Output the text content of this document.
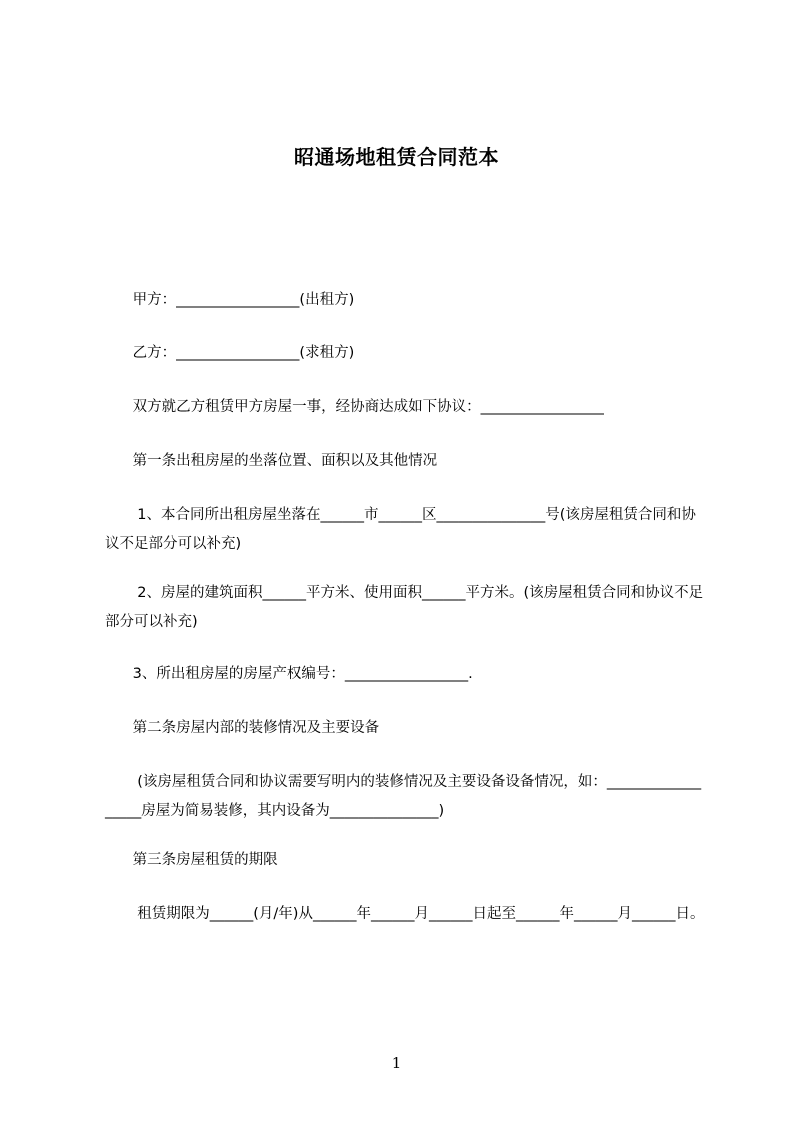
昭通场地租赁合同范本

甲方：_________________(出租方)

乙方：_________________(求租方)

双方就乙方租赁甲方房屋一事，经协商达成如下协议：_________________

第一条出租房屋的坐落位置、面积以及其他情况

1、本合同所出租房屋坐落在______市______区_______________号(该房屋租赁合同和协议不足部分可以补充)

2、房屋的建筑面积______平方米、使用面积______平方米。(该房屋租赁合同和协议不足部分可以补充)

3、所出租房屋的房屋产权编号：_________________.

第二条房屋内部的装修情况及主要设备

(该房屋租赁合同和协议需要写明内的装修情况及主要设备设备情况，如：__________________房屋为简易装修，其内设备为_______________)

第三条房屋租赁的期限

租赁期限为______(月/年)从______年______月______日起至______年______月______日。

1
